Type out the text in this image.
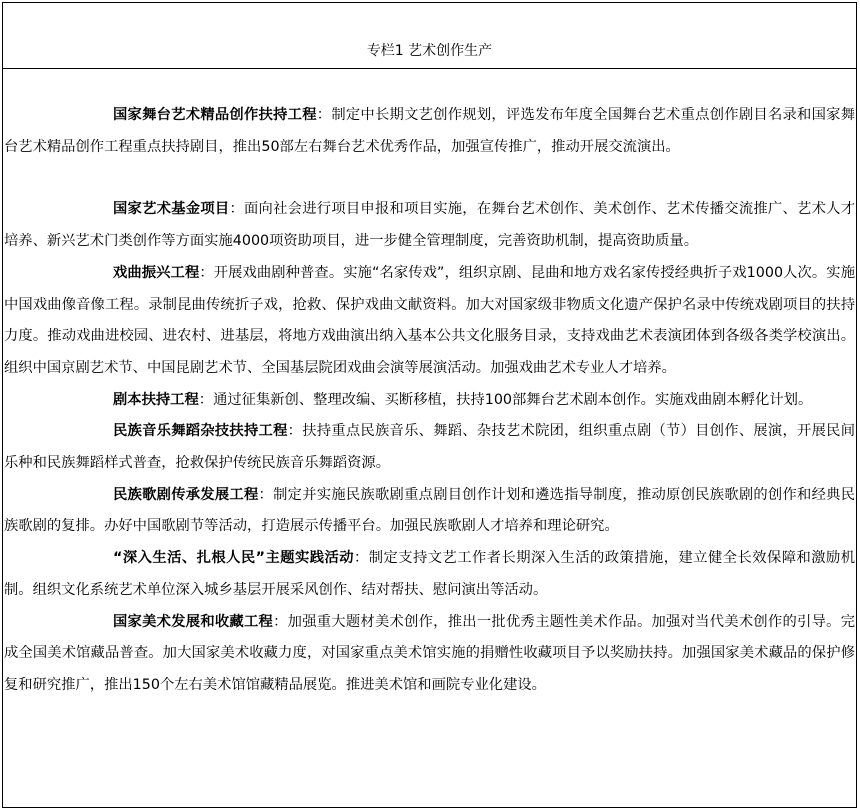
专栏1 艺术创作生产

国家舞台艺术精品创作扶持工程：制定中长期文艺创作规划，评选发布年度全国舞台艺术重点创作剧目名录和国家舞台艺术精品创作工程重点扶持剧目，推出50部左右舞台艺术优秀作品，加强宣传推广，推动开展交流演出。

国家艺术基金项目：面向社会进行项目申报和项目实施，在舞台艺术创作、美术创作、艺术传播交流推广、艺术人才培养、新兴艺术门类创作等方面实施4000项资助项目，进一步健全管理制度，完善资助机制，提高资助质量。

戏曲振兴工程：开展戏曲剧种普查。实施“名家传戏”，组织京剧、昆曲和地方戏名家传授经典折子戏1000人次。实施中国戏曲像音像工程。录制昆曲传统折子戏，抢救、保护戏曲文献资料。加大对国家级非物质文化遗产保护名录中传统戏剧项目的扶持力度。推动戏曲进校园、进农村、进基层，将地方戏曲演出纳入基本公共文化服务目录，支持戏曲艺术表演团体到各级各类学校演出。组织中国京剧艺术节、中国昆剧艺术节、全国基层院团戏曲会演等展演活动。加强戏曲艺术专业人才培养。

剧本扶持工程：通过征集新创、整理改编、买断移植，扶持100部舞台艺术剧本创作。实施戏曲剧本孵化计划。

民族音乐舞蹈杂技扶持工程：扶持重点民族音乐、舞蹈、杂技艺术院团，组织重点剧（节）目创作、展演，开展民间乐种和民族舞蹈样式普查，抢救保护传统民族音乐舞蹈资源。

民族歌剧传承发展工程：制定并实施民族歌剧重点剧目创作计划和遴选指导制度，推动原创民族歌剧的创作和经典民族歌剧的复排。办好中国歌剧节等活动，打造展示传播平台。加强民族歌剧人才培养和理论研究。

“深入生活、扎根人民”主题实践活动：制定支持文艺工作者长期深入生活的政策措施，建立健全长效保障和激励机制。组织文化系统艺术单位深入城乡基层开展采风创作、结对帮扶、慰问演出等活动。

国家美术发展和收藏工程：加强重大题材美术创作，推出一批优秀主题性美术作品。加强对当代美术创作的引导。完成全国美术馆藏品普查。加大国家美术收藏力度，对国家重点美术馆实施的捐赠性收藏项目予以奖励扶持。加强国家美术藏品的保护修复和研究推广，推出150个左右美术馆馆藏精品展览。推进美术馆和画院专业化建设。
